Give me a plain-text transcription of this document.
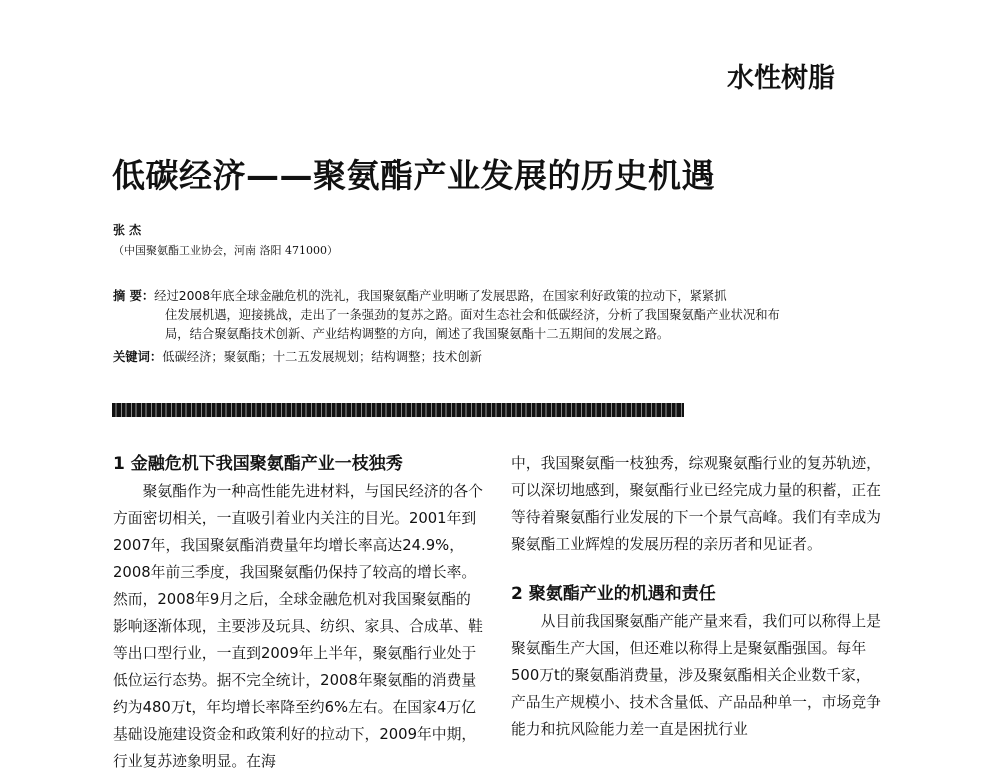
水性树脂
低碳经济——聚氨酯产业发展的历史机遇
张 杰
（中国聚氨酯工业协会，河南 洛阳 471000）
摘 要： 经过2008年底全球金融危机的洗礼，我国聚氨酯产业明晰了发展思路，在国家利好政策的拉动下，紧紧抓
住发展机遇，迎接挑战，走出了一条强劲的复苏之路。面对生态社会和低碳经济，分析了我国聚氨酯产业状况和布局，结合聚氨酯技术创新、产业结构调整的方向，阐述了我国聚氨酯十二五期间的发展之路。
关键词：低碳经济；聚氨酯；十二五发展规划；结构调整；技术创新

1 金融危机下我国聚氨酯产业一枝独秀

聚氨酯作为一种高性能先进材料，与国民经济的各个方面密切相关，一直吸引着业内关注的目光。2001年到2007年，我国聚氨酯消费量年均增长率高达24.9%，2008年前三季度，我国聚氨酯仍保持了较高的增长率。然而，2008年9月之后，全球金融危机对我国聚氨酯的影响逐渐体现，主要涉及玩具、纺织、家具、合成革、鞋等出口型行业，一直到2009年上半年，聚氨酯行业处于低位运行态势。据不完全统计，2008年聚氨酯的消费量约为480万t，年均增长率降至约6%左右。在国家4万亿基础设施建设资金和政策利好的拉动下，2009年中期，行业复苏迹象明显。在海

中，我国聚氨酯一枝独秀，综观聚氨酯行业的复苏轨迹，可以深切地感到，聚氨酯行业已经完成力量的积蓄，正在等待着聚氨酯行业发展的下一个景气高峰。我们有幸成为聚氨酯工业辉煌的发展历程的亲历者和见证者。

2 聚氨酯产业的机遇和责任

从目前我国聚氨酯产能产量来看，我们可以称得上是聚氨酯生产大国，但还难以称得上是聚氨酯强国。每年500万t的聚氨酯消费量，涉及聚氨酯相关企业数千家，产品生产规模小、技术含量低、产品品种单一，市场竞争能力和抗风险能力差一直是困扰行业
